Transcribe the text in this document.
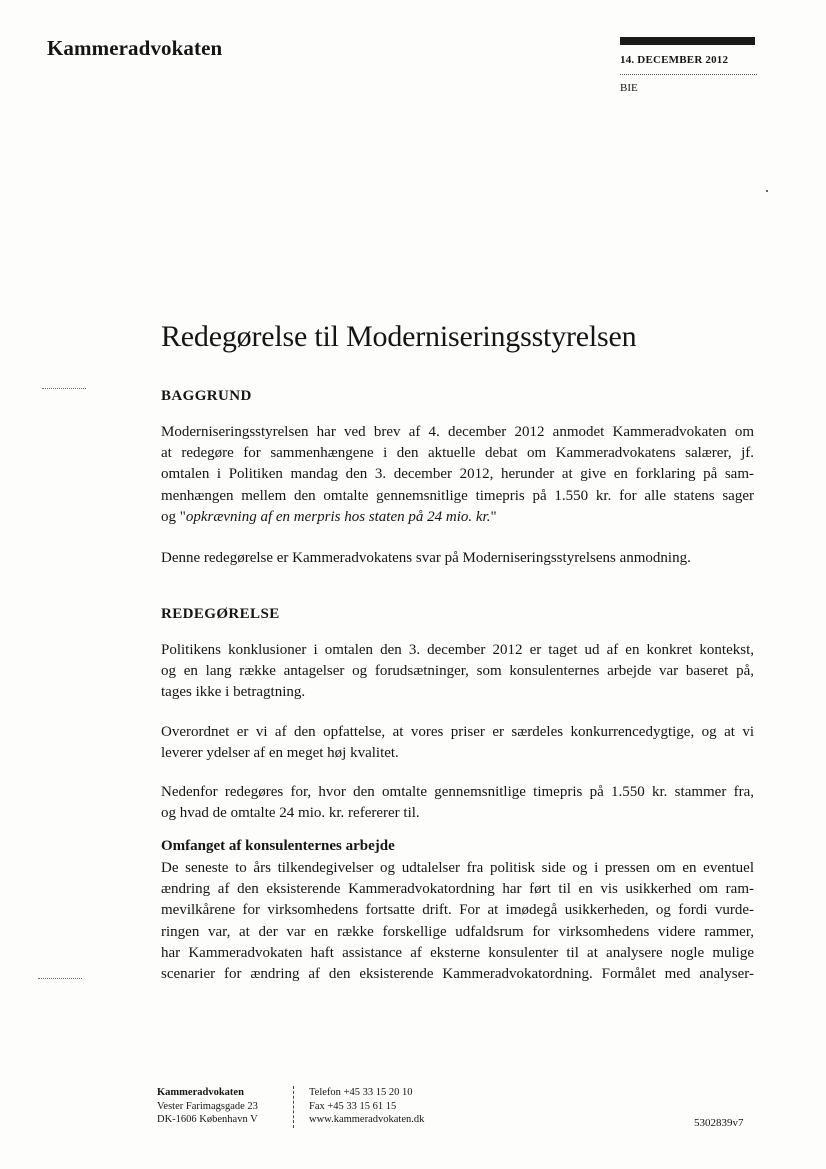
Kammeradvokaten	14. DECEMBER 2012
BIE
Redegørelse til Moderniseringsstyrelsen
BAGGRUND

Moderniseringsstyrelsen har ved brev af 4. december 2012 anmodet Kammeradvokaten om
at redegøre for sammenhængene i den aktuelle debat om Kammeradvokatens salærer, jf.
omtalen i Politiken mandag den 3. december 2012, herunder at give en forklaring på sam-
menhængen mellem den omtalte gennemsnitlige timepris på 1.550 kr. for alle statens sager
og "opkrævning af en merpris hos staten på 24 mio. kr."

Denne redegørelse er Kammeradvokatens svar på Moderniseringsstyrelsens anmodning.

REDEGØRELSE

Politikens konklusioner i omtalen den 3. december 2012 er taget ud af en konkret kontekst,
og en lang række antagelser og forudsætninger, som konsulenternes arbejde var baseret på,
tages ikke i betragtning.

Overordnet er vi af den opfattelse, at vores priser er særdeles konkurrencedygtige, og at vi
leverer ydelser af en meget høj kvalitet.

Nedenfor redegøres for, hvor den omtalte gennemsnitlige timepris på 1.550 kr. stammer fra,
og hvad de omtalte 24 mio. kr. refererer til.

Omfanget af konsulenternes arbejde

De seneste to års tilkendegivelser og udtalelser fra politisk side og i pressen om en eventuel
ændring af den eksisterende Kammeradvokatordning har ført til en vis usikkerhed om ram-
mevilkårene for virksomhedens fortsatte drift. For at imødegå usikkerheden, og fordi vurde-
ringen var, at der var en række forskellige udfaldsrum for virksomhedens videre rammer,
har Kammeradvokaten haft assistance af eksterne konsulenter til at analysere nogle mulige
scenarier for ændring af den eksisterende Kammeradvokatordning. Formålet med analyser-

Kammeradvokaten
Vester Farimagsgade 23
DK-1606 København V
Telefon +45 33 15 20 10
Fax +45 33 15 61 15
www.kammeradvokaten.dk	5302839v7
